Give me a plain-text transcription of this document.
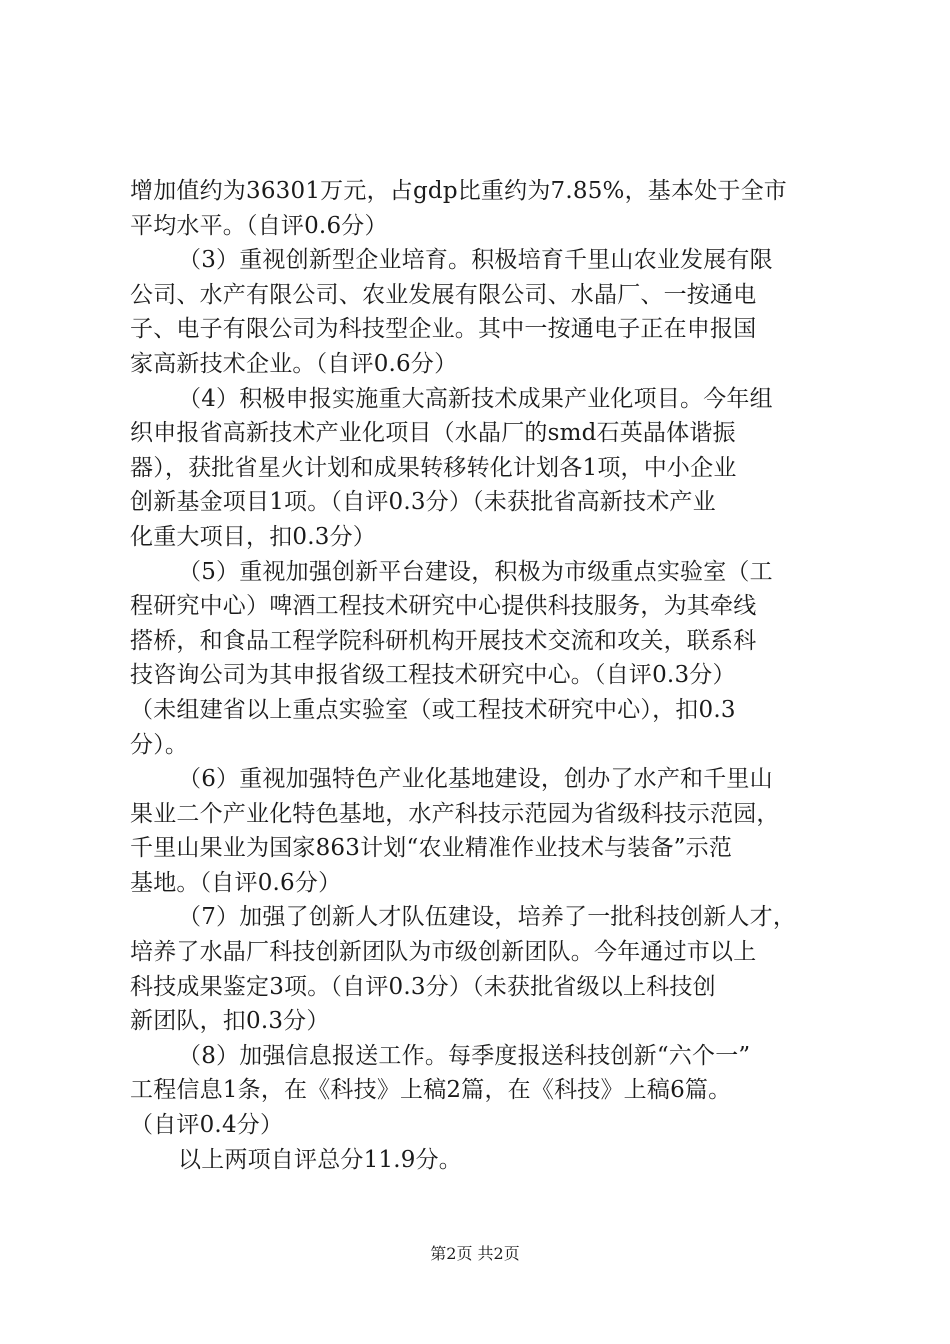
增加值约为36301万元，占gdp比重约为7.85%，基本处于全市
平均水平。（自评0.6分）
（3）重视创新型企业培育。积极培育千里山农业发展有限
公司、水产有限公司、农业发展有限公司、水晶厂、一按通电
子、电子有限公司为科技型企业。其中一按通电子正在申报国
家高新技术企业。（自评0.6分）
（4）积极申报实施重大高新技术成果产业化项目。今年组
织申报省高新技术产业化项目（水晶厂的smd石英晶体谐振
器），获批省星火计划和成果转移转化计划各1项，中小企业
创新基金项目1项。（自评0.3分）（未获批省高新技术产业
化重大项目，扣0.3分）
（5）重视加强创新平台建设，积极为市级重点实验室（工
程研究中心）啤酒工程技术研究中心提供科技服务，为其牵线
搭桥，和食品工程学院科研机构开展技术交流和攻关，联系科
技咨询公司为其申报省级工程技术研究中心。（自评0.3分）
（未组建省以上重点实验室（或工程技术研究中心），扣0.3
分）。
（6）重视加强特色产业化基地建设，创办了水产和千里山
果业二个产业化特色基地，水产科技示范园为省级科技示范园，
千里山果业为国家863计划“农业精准作业技术与装备”示范
基地。（自评0.6分）
（7）加强了创新人才队伍建设，培养了一批科技创新人才，
培养了水晶厂科技创新团队为市级创新团队。今年通过市以上
科技成果鉴定3项。（自评0.3分）（未获批省级以上科技创
新团队，扣0.3分）
（8）加强信息报送工作。每季度报送科技创新“六个一”
工程信息1条，在《科技》上稿2篇，在《科技》上稿6篇。
（自评0.4分）
以上两项自评总分11.9分。
第2页 共2页
